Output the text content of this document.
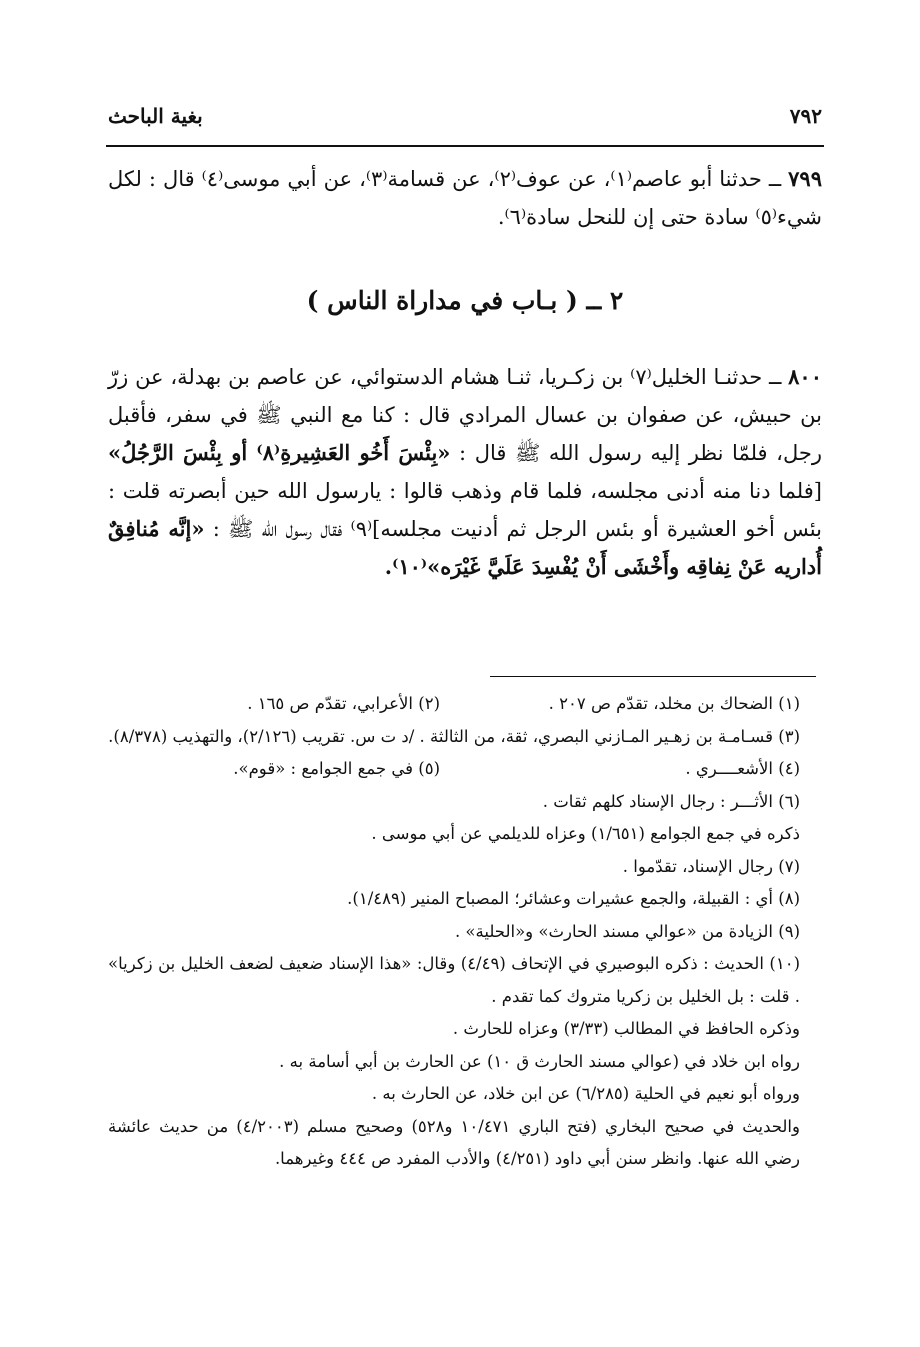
٧٩٢
بغية الباحث

٧٩٩ ــ حدثنا أبو عاصم⁽١⁾، عن عوف⁽٢⁾، عن قسامة⁽٣⁾، عن أبي موسى⁽٤⁾ قال : لكل شيء⁽٥⁾ سادة حتى إن للنحل سادة⁽٦⁾.

٢ ــ ( بـاب في مداراة الناس )

٨٠٠ ــ حدثنـا الخليل⁽٧⁾ بن زكـريا، ثنـا هشام الدستوائي، عن عاصم بن بهدلة، عن زرّ بن حبيش، عن صفوان بن عسال المرادي قال : كنا مع النبي ﷺ في سفر، فأقبل رجل، فلمّا نظر إليه رسول الله ﷺ قال : «بِئْسَ أَخُو العَشِيرةِ⁽٨⁾ أو بِئْسَ الرَّجُلُ» [فلما دنا منه أدنى مجلسه، فلما قام وذهب قالوا : يارسول الله حين أبصرته قلت : بئس أخو العشيرة أو بئس الرجل ثم أدنيت مجلسه]⁽٩⁾ فقال رسول الله ﷺ : «إنَّه مُنافِقٌ أُداريه عَنْ نِفاقِه وأَخْشَى أَنْ يُفْسِدَ عَلَيَّ غَيْرَه»⁽١٠⁾.

(١) الضحاك بن مخلد، تقدّم ص ٢٠٧ .
(٢) الأعرابي، تقدّم ص ١٦٥ .

(٣) قسـامـة بن زهـير المـازني البصري، ثقة، من الثالثة . /د ت س. تقريب (٢/١٢٦)، والتهذيب (٨/٣٧٨).

(٤) الأشعــــري .
(٥) في جمع الجوامع : «قوم».

(٦) الأثـــر : رجال الإسناد كلهم ثقات .

ذكره في جمع الجوامع (١/٦٥١) وعزاه للديلمي عن أبي موسى .

(٧) رجال الإسناد، تقدّموا .

(٨) أي : القبيلة، والجمع عشيرات وعشائر؛ المصباح المنير (١/٤٨٩).

(٩) الزيادة من «عوالي مسند الحارث» و«الحلية» .

(١٠) الحديث : ذكره البوصيري في الإتحاف (٤/٤٩) وقال: «هذا الإسناد ضعيف لضعف الخليل بن زكريا» . قلت : بل الخليل بن زكريا متروك كما تقدم .

وذكره الحافظ في المطالب (٣/٣٣) وعزاه للحارث .

رواه ابن خلاد في (عوالي مسند الحارث ق ١٠) عن الحارث بن أبي أسامة به .

ورواه أبو نعيم في الحلية (٦/٢٨٥) عن ابن خلاد، عن الحارث به .

والحديث في صحيح البخاري (فتح الباري ١٠/٤٧١ و٥٢٨) وصحيح مسلم (٤/٢٠٠٣) من حديث عائشة رضي الله عنها. وانظر سنن أبي داود (٤/٢٥١) والأدب المفرد ص ٤٤٤ وغيرهما.
